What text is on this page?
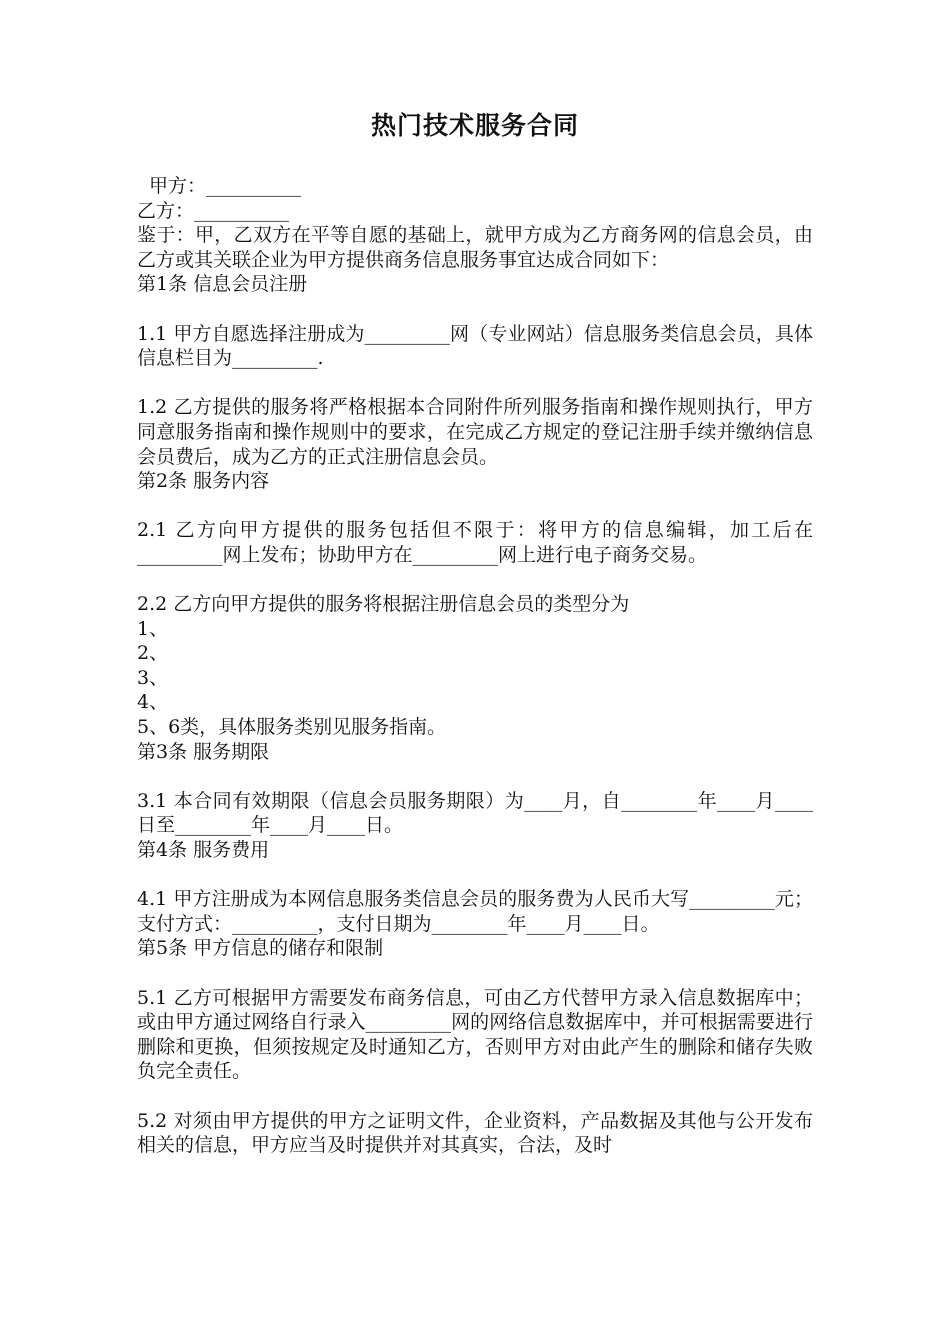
热门技术服务合同
甲方：__________
乙方：__________
鉴于：甲，乙双方在平等自愿的基础上，就甲方成为乙方商务网的信息会员，由乙方或其关联企业为甲方提供商务信息服务事宜达成合同如下：
第1条 信息会员注册
1.1 甲方自愿选择注册成为_________网（专业网站）信息服务类信息会员，具体信息栏目为_________.
1.2 乙方提供的服务将严格根据本合同附件所列服务指南和操作规则执行，甲方同意服务指南和操作规则中的要求，在完成乙方规定的登记注册手续并缴纳信息会员费后，成为乙方的正式注册信息会员。
第2条 服务内容
2.1 乙方向甲方提供的服务包括但不限于：将甲方的信息编辑，加工后在_________网上发布；协助甲方在_________网上进行电子商务交易。
2.2 乙方向甲方提供的服务将根据注册信息会员的类型分为
1、
2、
3、
4、
5、6类，具体服务类别见服务指南。
第3条 服务期限
3.1 本合同有效期限（信息会员服务期限）为____月，自________年____月____日至________年____月____日。
第4条 服务费用
4.1 甲方注册成为本网信息服务类信息会员的服务费为人民币大写_________元；支付方式：_________，支付日期为________年____月____日。
第5条 甲方信息的储存和限制
5.1 乙方可根据甲方需要发布商务信息，可由乙方代替甲方录入信息数据库中；或由甲方通过网络自行录入_________网的网络信息数据库中，并可根据需要进行删除和更换，但须按规定及时通知乙方，否则甲方对由此产生的删除和储存失败负完全责任。
5.2 对须由甲方提供的甲方之证明文件，企业资料，产品数据及其他与公开发布相关的信息，甲方应当及时提供并对其真实，合法，及时
